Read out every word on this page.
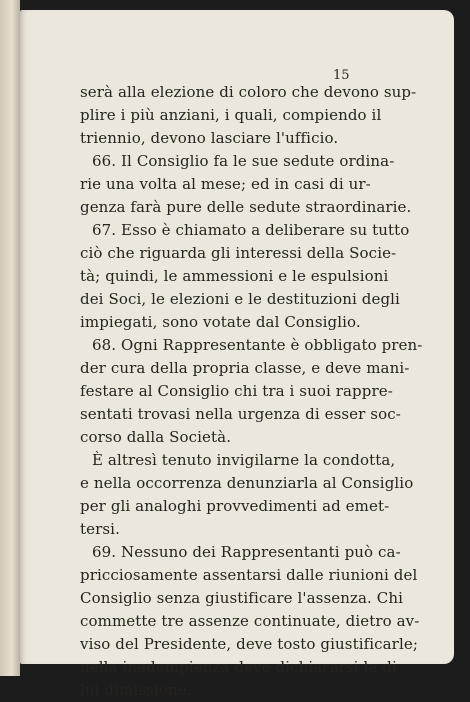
15
serà alla elezione di coloro che devono sup-
plire i più anziani, i quali, compiendo il
triennio, devono lasciare l'ufficio.
66. Il Consiglio fa le sue sedute ordina-
rie una volta al mese; ed in casi di ur-
genza farà pure delle sedute straordinarie.
67. Esso è chiamato a deliberare su tutto
ciò che riguarda gli interessi della Socie-
tà; quindi, le ammessioni e le espulsioni
dei Soci, le elezioni e le destituzioni degli
impiegati, sono votate dal Consiglio.
68. Ogni Rappresentante è obbligato pren-
der cura della propria classe, e deve mani-
festare al Consiglio chi tra i suoi rappre-
sentati trovasi nella urgenza di esser soc-
corso dalla Società.
È altresì tenuto invigilarne la condotta,
e nella occorrenza denunziarla al Consiglio
per gli analoghi provvedimenti ad emet-
tersi.
69. Nessuno dei Rappresentanti può ca-
pricciosamente assentarsi dalle riunioni del
Consiglio senza giustificare l'assenza. Chi
commette tre assenze continuate, dietro av-
viso del Presidente, deve tosto giustificarle;
nella inadempienza deve dichiararsi la di
lui dimissione.
